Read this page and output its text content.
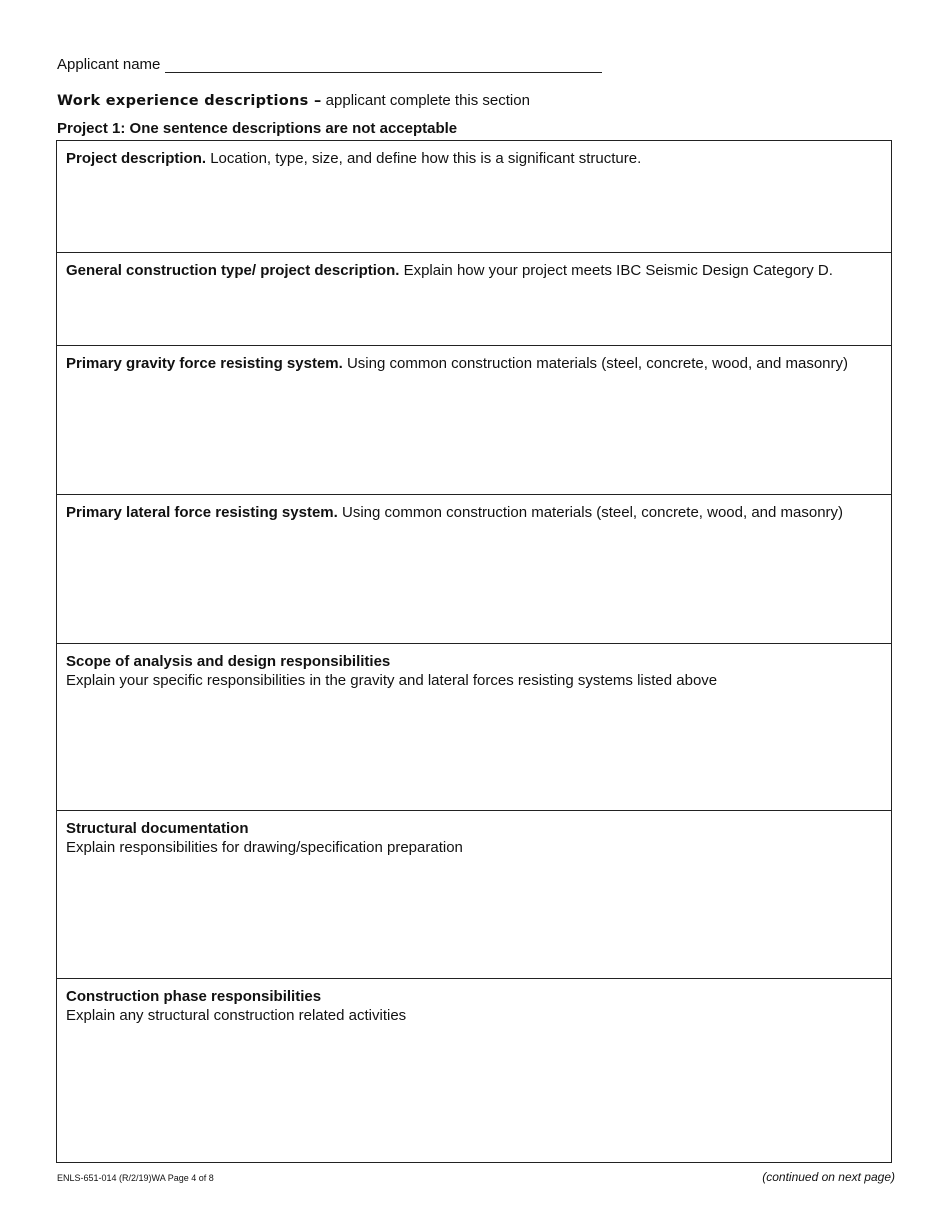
Applicant name
Work experience descriptions – applicant complete this section
Project 1: One sentence descriptions are not acceptable
Project description. Location, type, size, and define how this is a significant structure.
General construction type/ project description. Explain how your project meets IBC Seismic Design Category D.
Primary gravity force resisting system. Using common construction materials (steel, concrete, wood, and masonry)
Primary lateral force resisting system. Using common construction materials (steel, concrete, wood, and masonry)
Scope of analysis and design responsibilities
Explain your specific responsibilities in the gravity and lateral forces resisting systems listed above
Structural documentation
Explain responsibilities for drawing/specification preparation
Construction phase responsibilities
Explain any structural construction related activities
ENLS-651-014 (R/2/19)WA Page 4 of 8	(continued on next page)
